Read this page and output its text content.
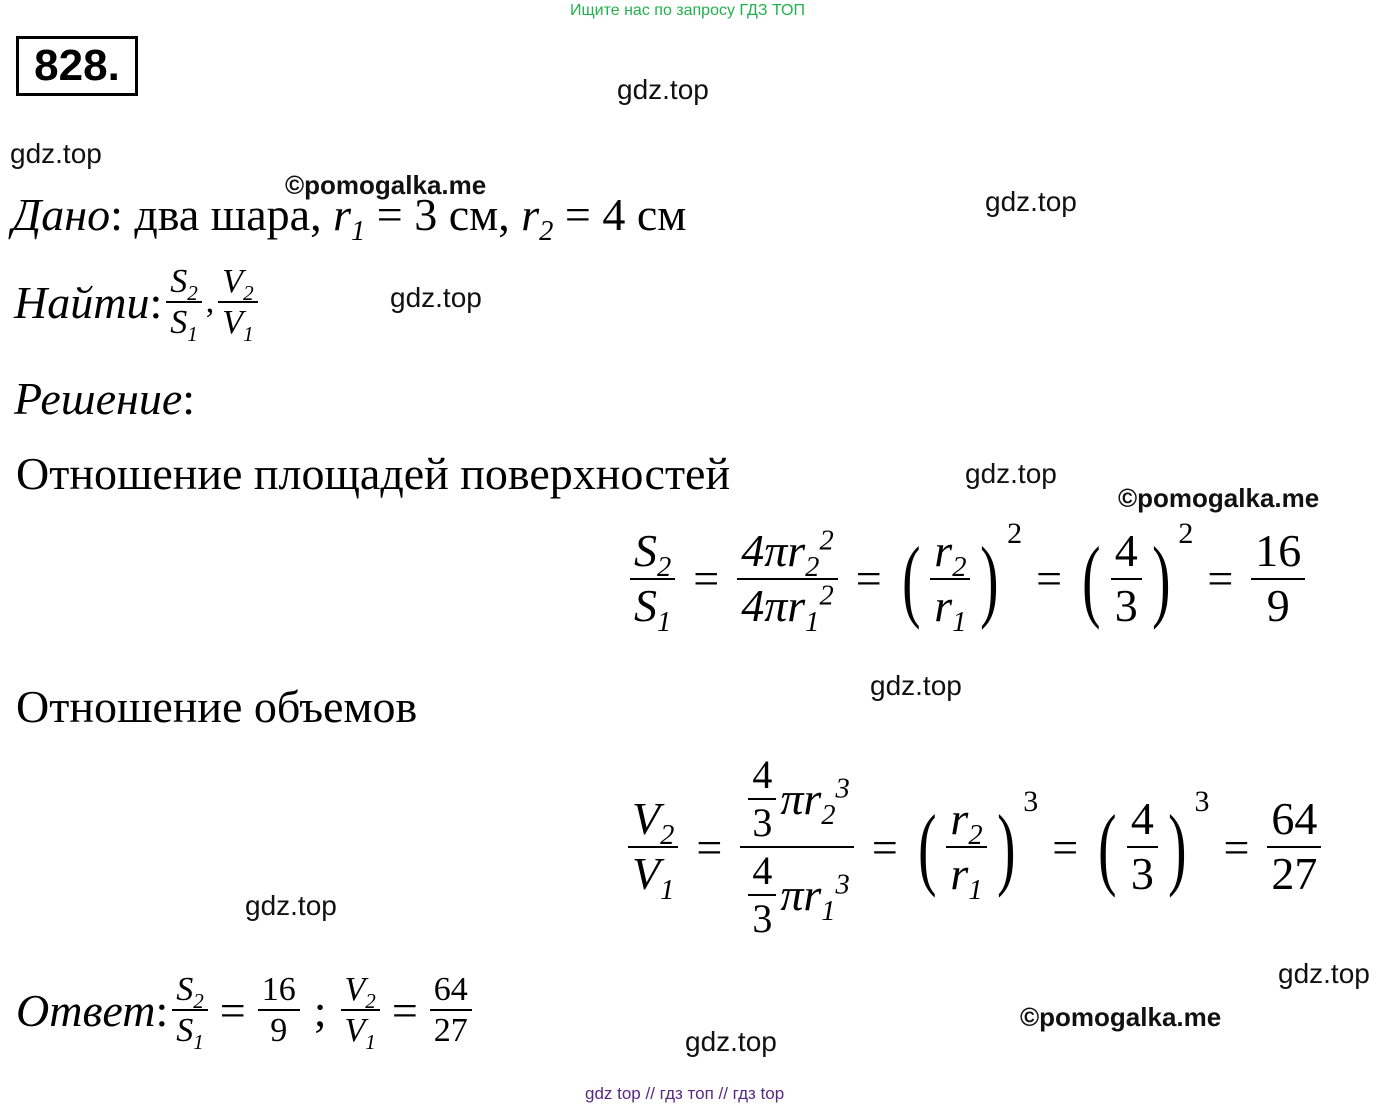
Ищите нас по запросу ГДЗ ТОП
828.	gdz.top
gdz.top
©pomogalka.me
gdz.top
gdz.top
gdz.top
©pomogalka.me
gdz.top
gdz.top
gdz.top
©pomogalka.me
gdz.top
Дано : два шара,
$r_1$
= 3 см,
$r_2$
= 4 см
Найти : $\frac{S_2}{S_1}$ , $\frac{V_2}{V_1}$
Решение :
Отношение площадей поверхностей
$\frac{S_2}{S_1} = \frac{4\pi r_2^2}{4\pi r_1^2}$ = ( $\frac{r_2}{r_1}$ ) 2
= ( $\frac{4}{3}$ ) 2
= $\frac{16}{9}$
Отношение объемов
$\frac{V_2}{V_1} = \frac{\frac{4}{3} \pi r_2^3}{\frac{4}{3} \pi r_1^3}$ = ( $\frac{r_2}{r_1}$ ) 3
= ( $\frac{4}{3}$ ) 3
= $\frac{64}{27}$
Ответ : $\frac{S_2}{S_1} = \frac{16}{9}$ ; $\frac{V_2}{V_1} = \frac{64}{27}$
gdz top // гдз топ // гдз top
